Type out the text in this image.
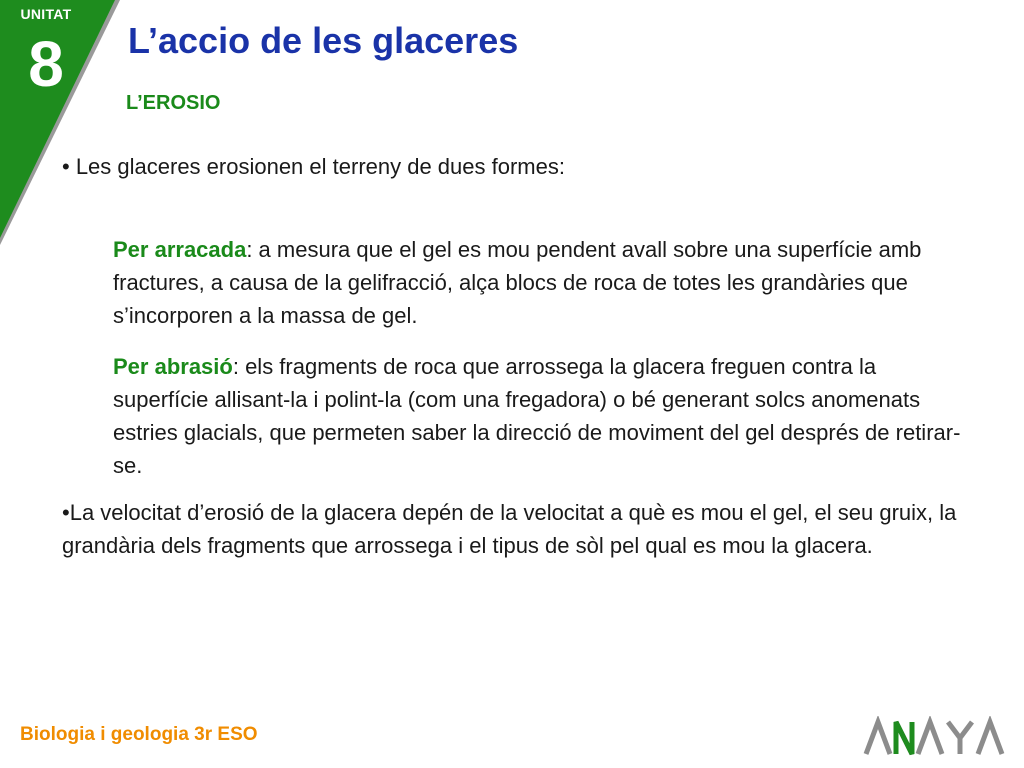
UNITAT
8	L’accio de les glaceres
L’EROSIO

• Les glaceres erosionen el terreny de dues formes:

Per arracada: a mesura que el gel es mou pendent avall sobre una superfície amb fractures, a causa de la gelifracció, alça blocs de roca de totes les grandàries que s’incorporen a la massa de gel.

Per abrasió: els fragments de roca que arrossega la glacera freguen contra la superfície allisant-la i polint-la (com una fregadora) o bé generant solcs anomenats estries glacials, que permeten saber la direcció de moviment del gel després de retirar-se.

•La velocitat d’erosió de la glacera depén de la velocitat a què es mou el gel, el seu gruix, la grandària dels fragments que arrossega i el tipus de sòl pel qual es mou la glacera.

Biologia i geologia 3r ESO
